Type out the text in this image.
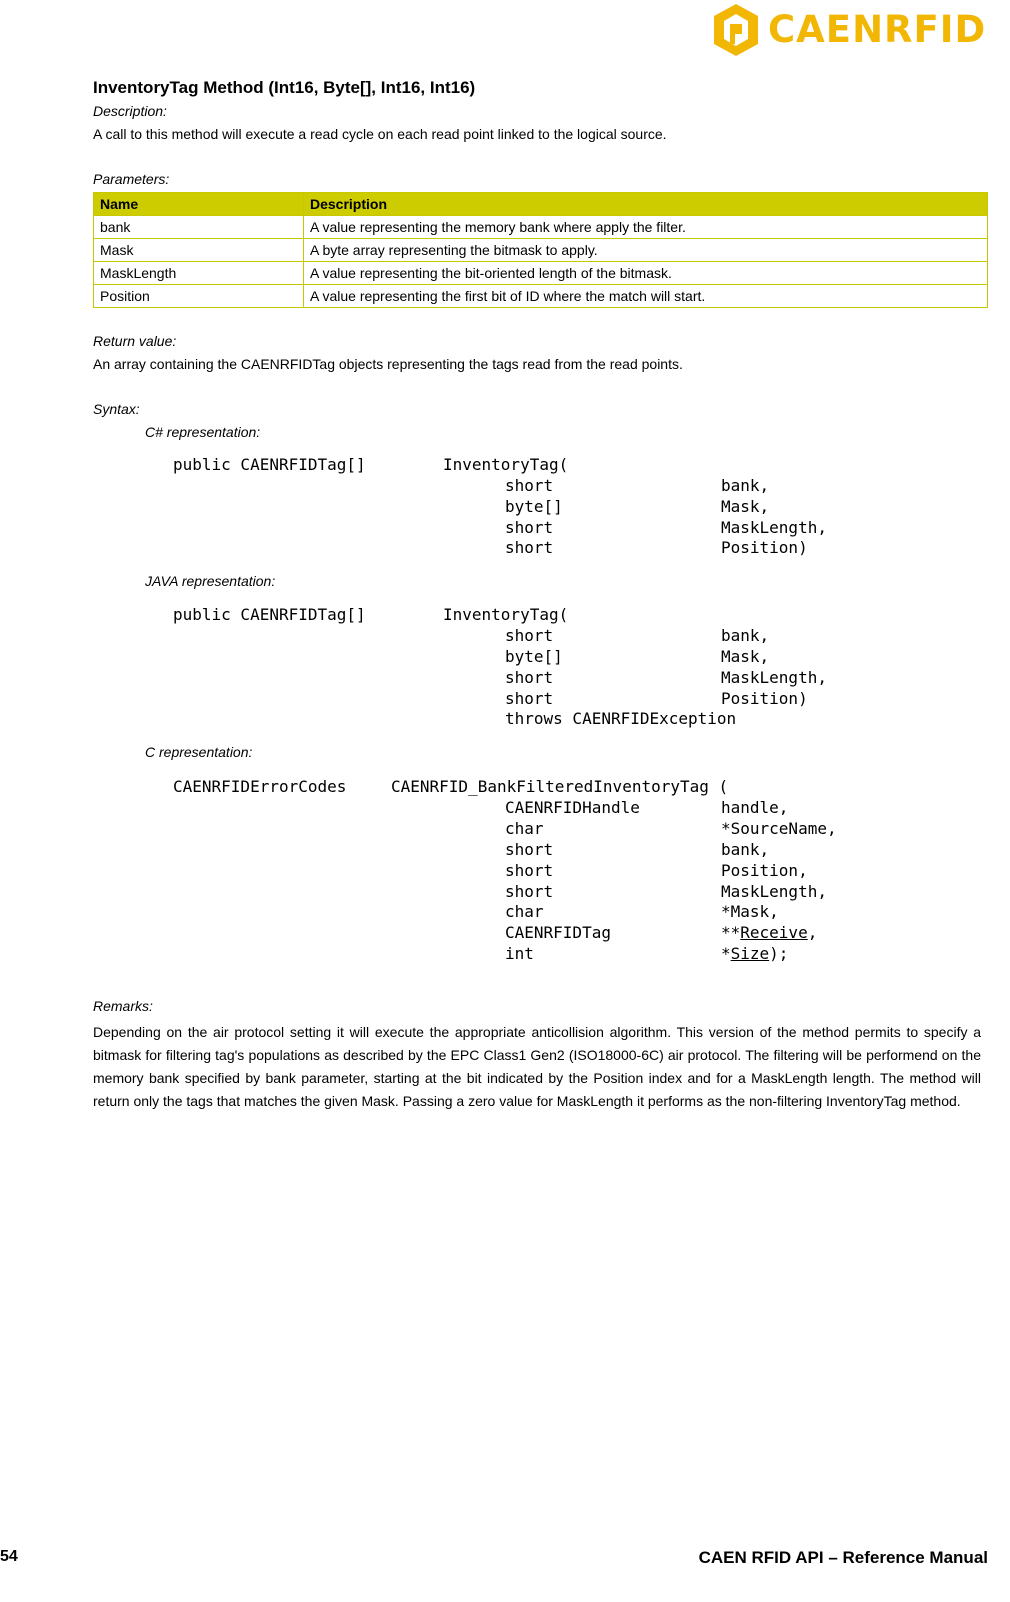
CAENRFID
InventoryTag Method (Int16, Byte[], Int16, Int16)
Description:
A call to this method will execute a read cycle on each read point linked to the logical source.
Parameters:
Name	Description
bank	A value representing the memory bank where apply the filter.
Mask	A byte array representing the bitmask to apply.
MaskLength	A value representing the bit-oriented length of the bitmask.
Position	A value representing the first bit of ID where the match will start.
Return value:
An array containing the CAENRFIDTag objects representing the tags read from the read points.
Syntax:
C# representation:
public CAENRFIDTag[]	InventoryTag(
short	bank,
byte[]	Mask,
short	MaskLength,
short	Position)
JAVA representation:
public CAENRFIDTag[]	InventoryTag(
short	bank,
byte[]	Mask,
short	MaskLength,
short	Position)
throws CAENRFIDException
C representation:
CAENRFIDErrorCodes	CAENRFID_BankFilteredInventoryTag (
CAENRFIDHandle	handle,
char	*SourceName,
short	bank,
short	Position,
short	MaskLength,
char	*Mask,
CAENRFIDTag	**Receive,
int	*Size);
Remarks:
Depending on the air protocol setting it will execute the appropriate anticollision algorithm. This version of the method permits to specify a bitmask for filtering tag's populations as described by the EPC Class1 Gen2 (ISO18000-6C) air protocol. The filtering will be performend on the memory bank specified by bank parameter, starting at the bit indicated by the Position index and for a MaskLength length. The method will return only the tags that matches the given Mask. Passing a zero value for MaskLength it performs as the non-filtering InventoryTag method.
54	CAEN RFID API – Reference Manual
